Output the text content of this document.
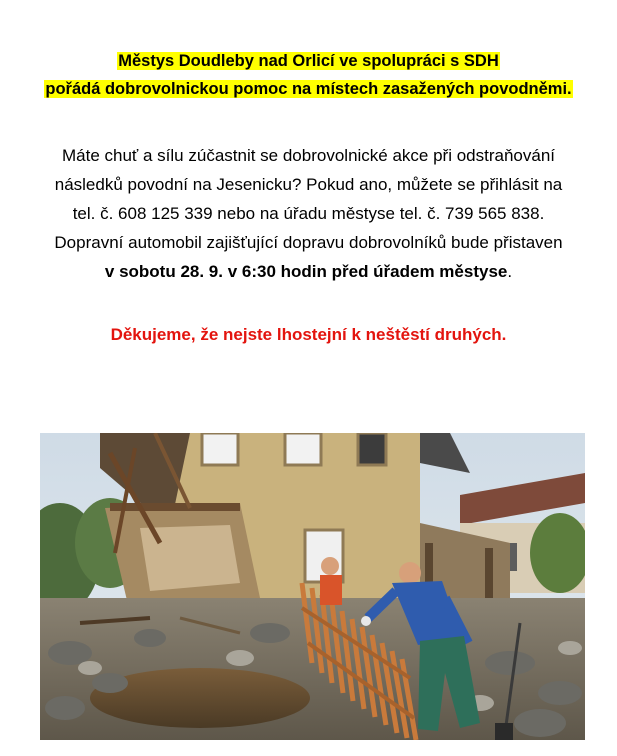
Městys Doudleby nad Orlicí ve spolupráci s SDH
pořádá dobrovolnickou pomoc na místech zasažených povodněmi.
Máte chuť a sílu zúčastnit se dobrovolnické akce při odstraňování
následků povodní na Jesenicku? Pokud ano, můžete se přihlásit na
tel. č. 608 125 339 nebo na úřadu městyse tel. č. 739 565 838.
Dopravní automobil zajišťující dopravu dobrovolníků bude přistaven
v sobotu 28. 9. v 6:30 hodin před úřadem městyse.
Děkujeme, že nejste lhostejní k neštěstí druhých.
